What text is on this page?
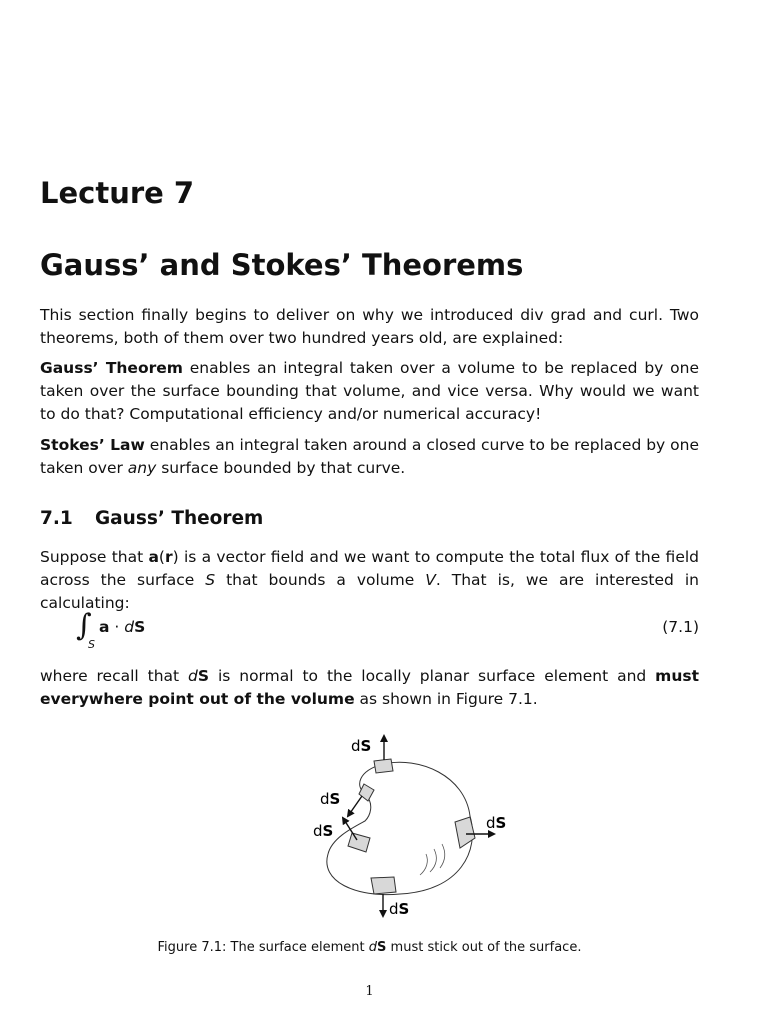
Lecture 7
Gauss’ and Stokes’ Theorems

This section finally begins to deliver on why we introduced div grad and curl. Two theorems, both of them over two hundred years old, are explained:

Gauss’ Theorem enables an integral taken over a volume to be replaced by one taken over the surface bounding that volume, and vice versa. Why would we want to do that? Computational efficiency and/or numerical accuracy!

Stokes’ Law enables an integral taken around a closed curve to be replaced by one taken over any surface bounded by that curve.

7.1 Gauss’ Theorem

Suppose that a(r) is a vector field and we want to compute the total flux of the field across the surface S that bounds a volume V. That is, we are interested in calculating:

∫
S
a · dS	(7.1)

where recall that dS is normal to the locally planar surface element and must everywhere point out of the volume as shown in Figure 7.1.

dS
dS
dS	dS
dS

Figure 7.1: The surface element dS must stick out of the surface.

1
